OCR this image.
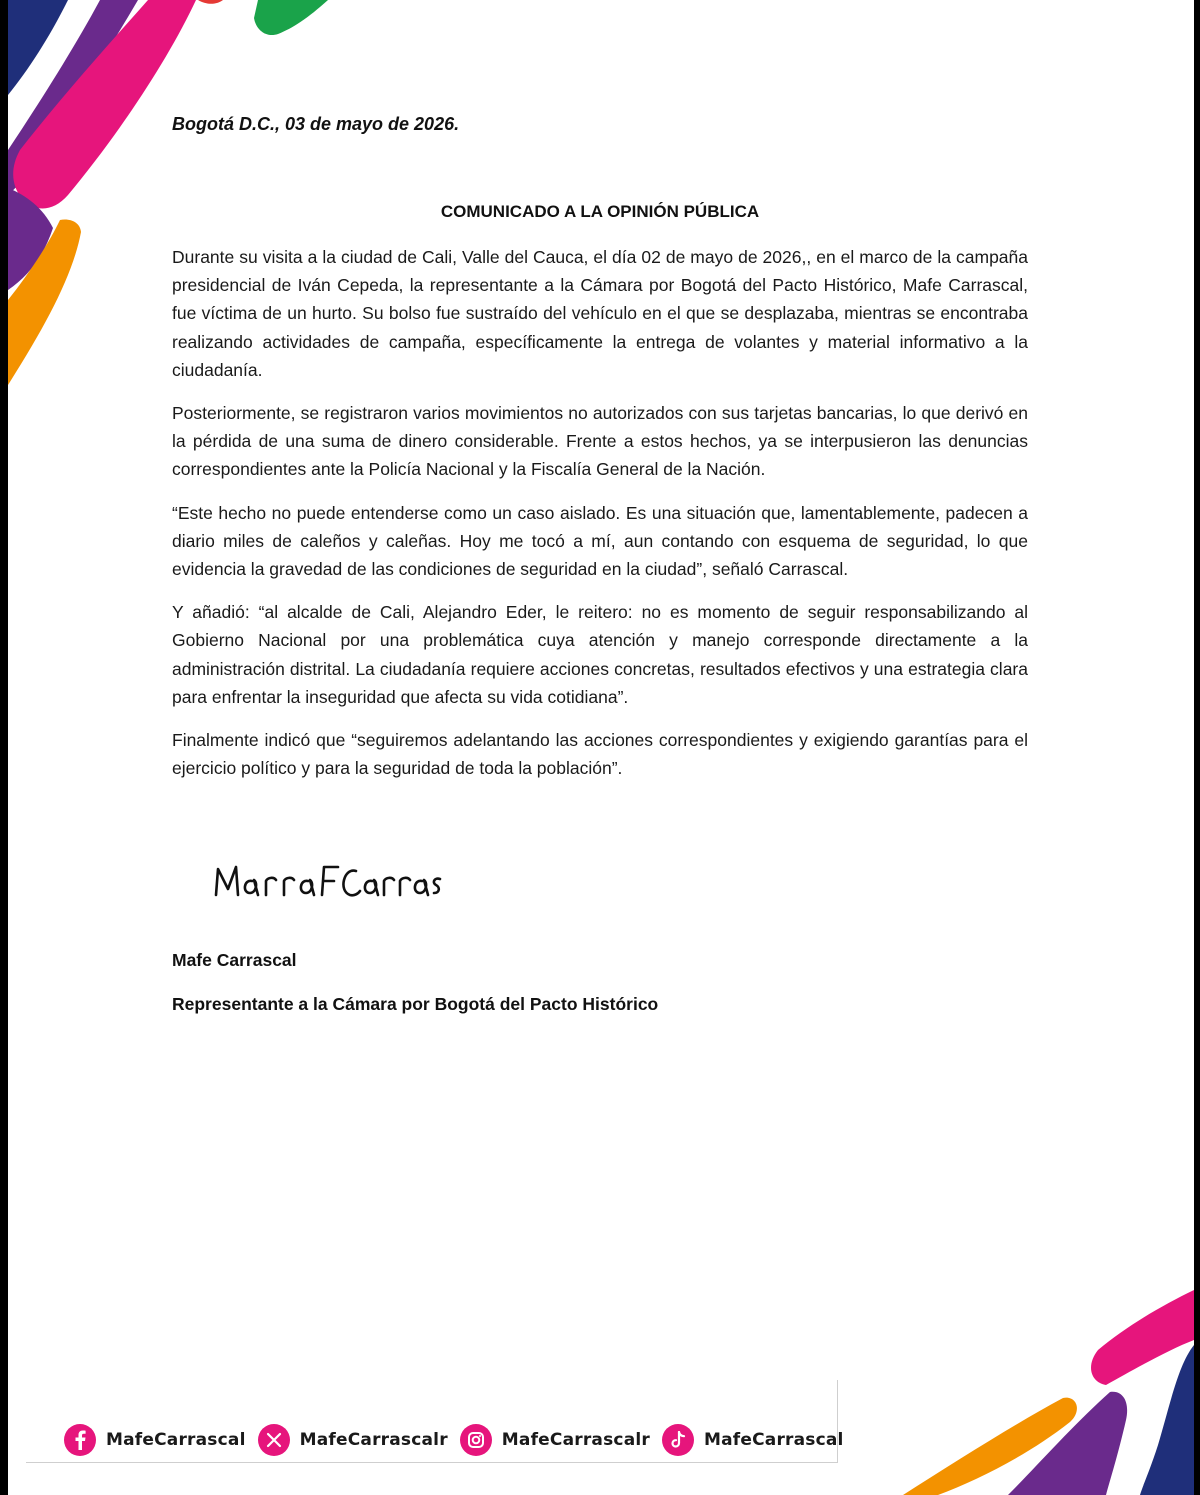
Bogotá D.C., 03 de mayo de 2026.
COMUNICADO A LA OPINIÓN PÚBLICA

Durante su visita a la ciudad de Cali, Valle del Cauca, el día 02 de mayo de 2026,, en el marco de la campaña presidencial de Iván Cepeda, la representante a la Cámara por Bogotá del Pacto Histórico, Mafe Carrascal, fue víctima de un hurto. Su bolso fue sustraído del vehículo en el que se desplazaba, mientras se encontraba realizando actividades de campaña, específicamente la entrega de volantes y material informativo a la ciudadanía.

Posteriormente, se registraron varios movimientos no autorizados con sus tarjetas bancarias, lo que derivó en la pérdida de una suma de dinero considerable. Frente a estos hechos, ya se interpusieron las denuncias correspondientes ante la Policía Nacional y la Fiscalía General de la Nación.

“Este hecho no puede entenderse como un caso aislado. Es una situación que, lamentablemente, padecen a diario miles de caleños y caleñas. Hoy me tocó a mí, aun contando con esquema de seguridad, lo que evidencia la gravedad de las condiciones de seguridad en la ciudad”, señaló Carrascal.

Y añadió: “al alcalde de Cali, Alejandro Eder, le reitero: no es momento de seguir responsabilizando al Gobierno Nacional por una problemática cuya atención y manejo corresponde directamente a la administración distrital. La ciudadanía requiere acciones concretas, resultados efectivos y una estrategia clara para enfrentar la inseguridad que afecta su vida cotidiana”.

Finalmente indicó que “seguiremos adelantando las acciones correspondientes y exigiendo garantías para el ejercicio político y para la seguridad de toda la población”.

Mafe Carrascal
Representante a la Cámara por Bogotá del Pacto Histórico
MafeCarrascal	MafeCarrascalr	MafeCarrascalr	MafeCarrascal
